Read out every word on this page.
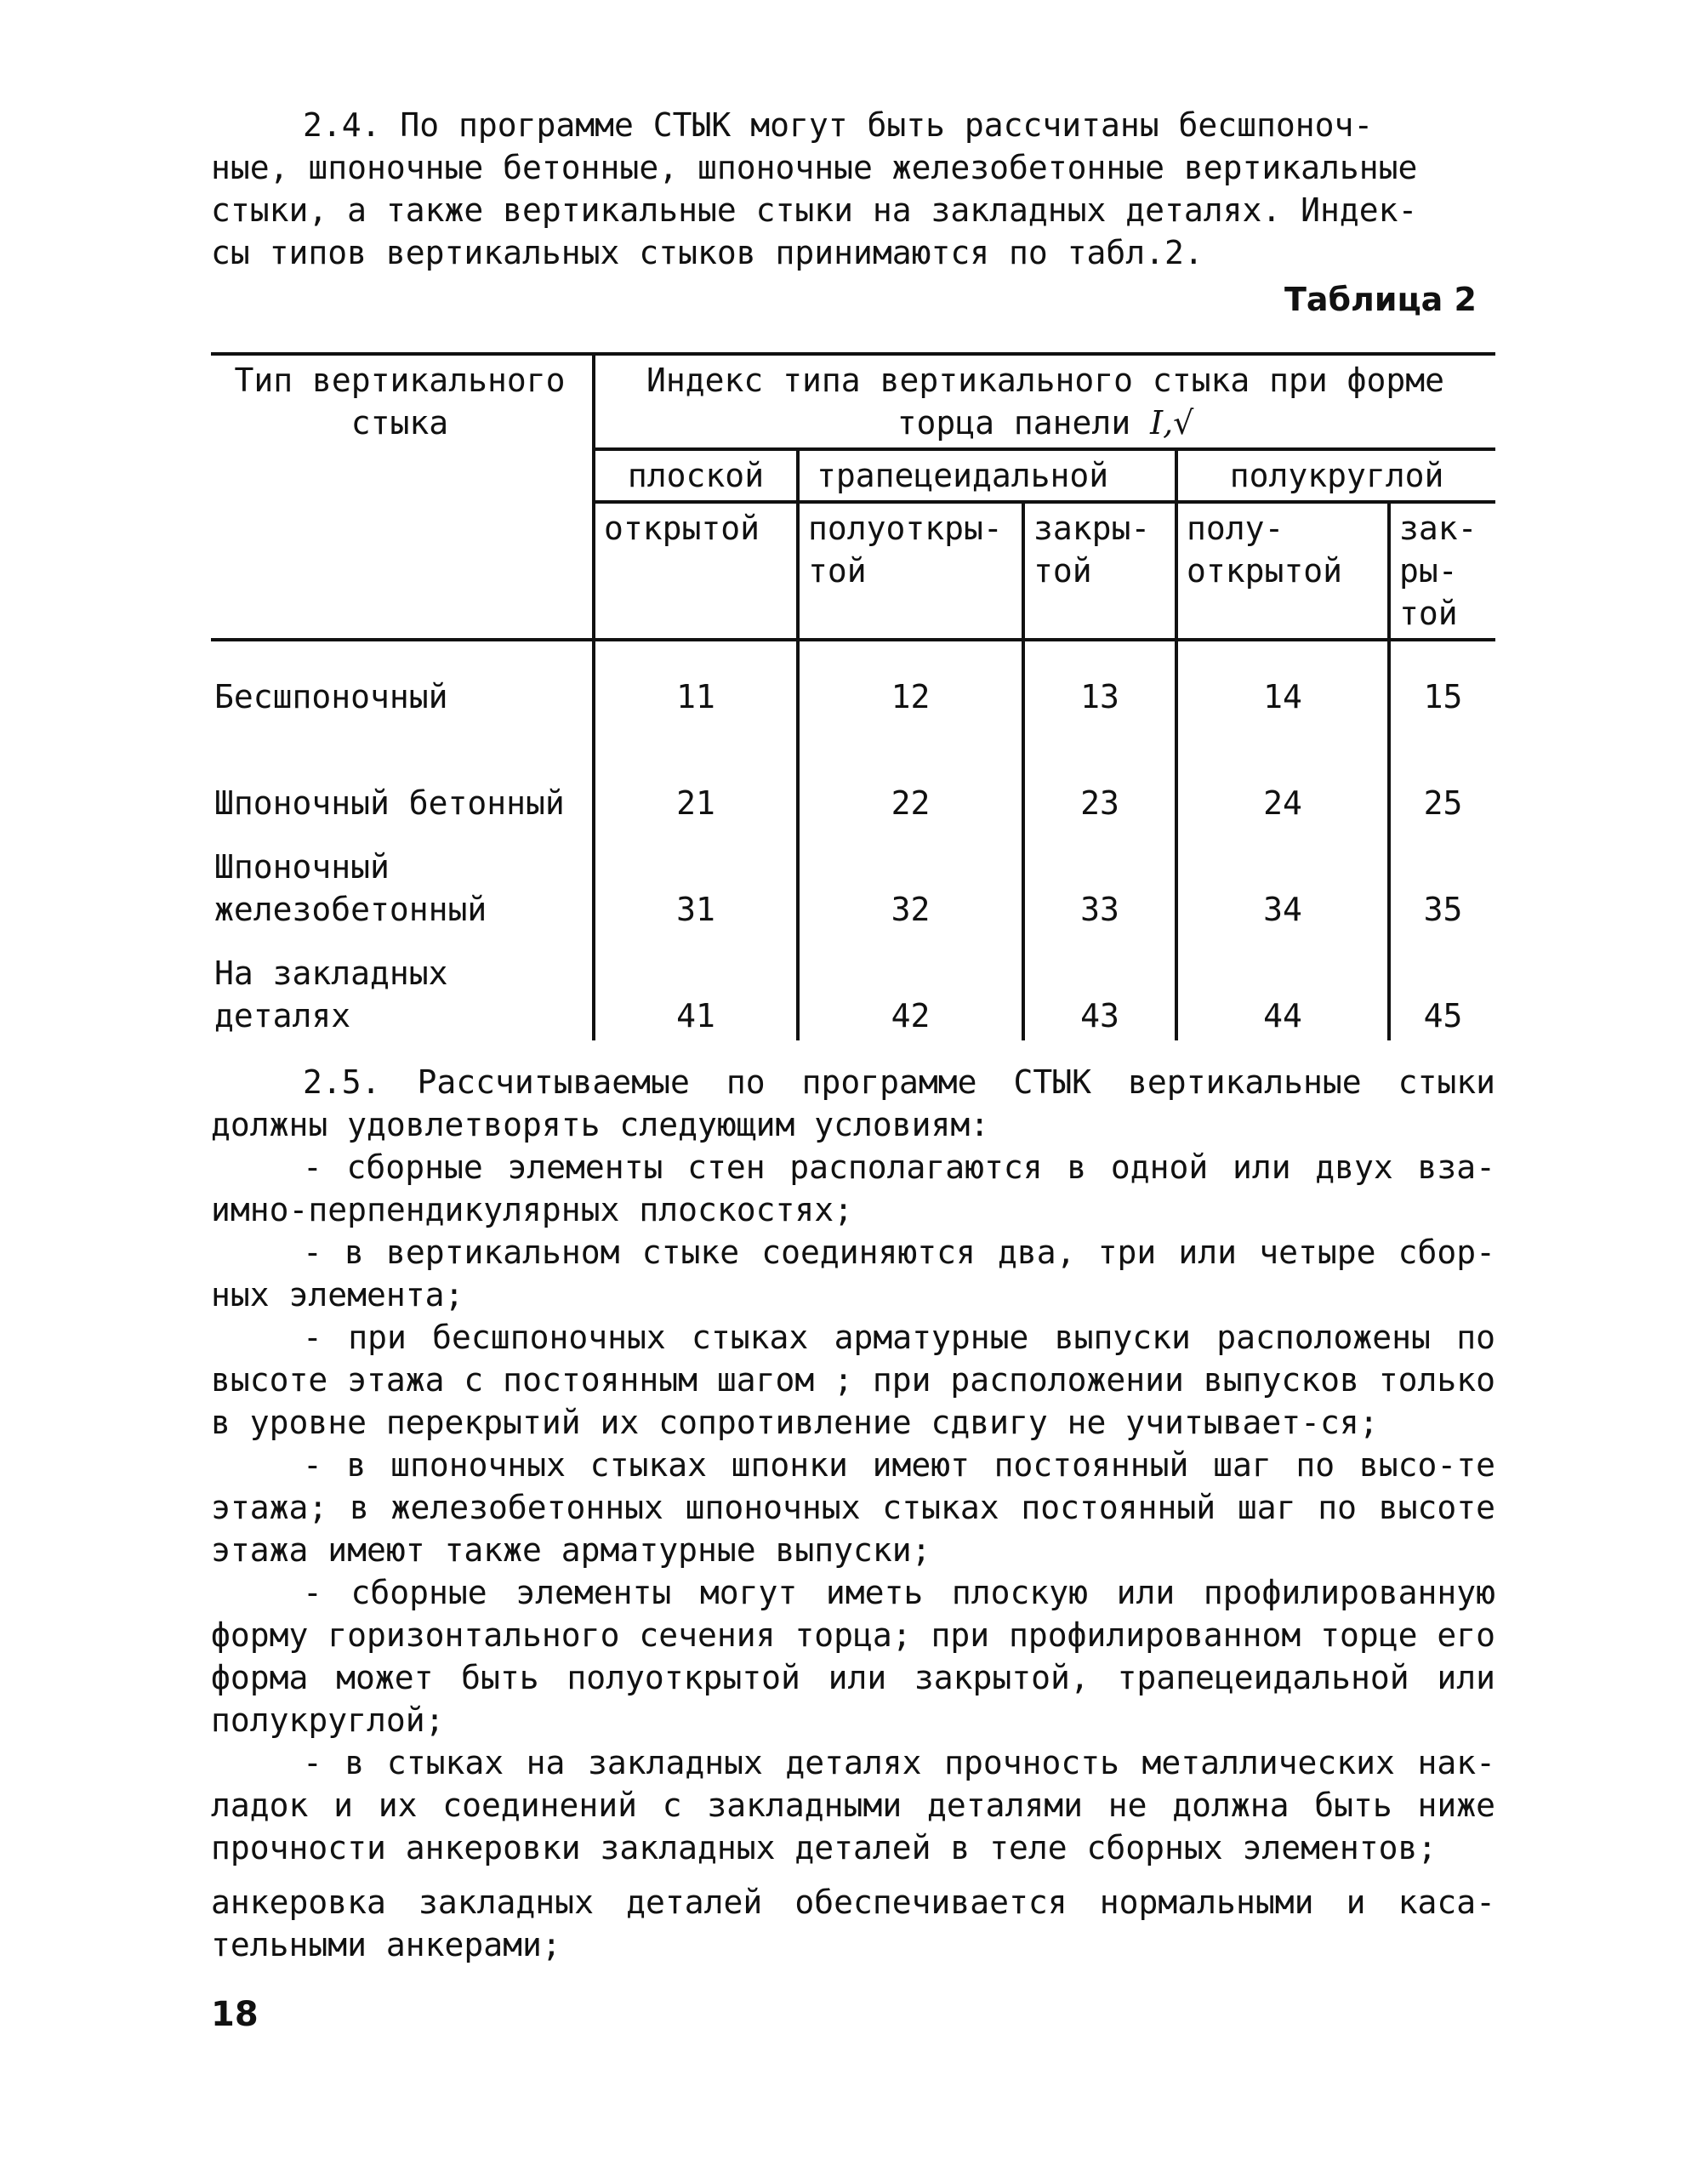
2.4. По программе СТЫК могут быть рассчитаны бесшпоноч-
ные, шпоночные бетонные, шпоночные железобетонные вертикальные
стыки, а также вертикальные стыки на закладных деталях. Индек-
сы типов вертикальных стыков принимаются по табл.2.
Таблица 2
Тип вертикального стыка	Индекс типа вертикального стыка при форме торца панели I,√				
	плоской	трапецеидальной		полукруглой	
	открытой	полуоткры- той	закры- той	полу- открытой	зак- ры- той
Бесшпоночный	11	12	13	14	15
Шпоночный бетонный	21	22	23	24	25
Шпоночный железобетонный	31	32	33	34	35
На закладных деталях	41	42	43	44	45

2.5. Рассчитываемые по программе СТЫК вертикальные стыки должны удовлетворять следующим условиям:

- сборные элементы стен располагаются в одной или двух вза-имно-перпендикулярных плоскостях;

- в вертикальном стыке соединяются два, три или четыре сбор-ных элемента;

- при бесшпоночных стыках арматурные выпуски расположены по высоте этажа с постоянным шагом ; при расположении выпусков только в уровне перекрытий их сопротивление сдвигу не учитывает-ся;

- в шпоночных стыках шпонки имеют постоянный шаг по высо-те этажа; в железобетонных шпоночных стыках постоянный шаг по высоте этажа имеют также арматурные выпуски;

- сборные элементы могут иметь плоскую или профилированную форму горизонтального сечения торца; при профилированном торце его форма может быть полуоткрытой или закрытой, трапецеидальной или полукруглой;

- в стыках на закладных деталях прочность металлических нак-ладок и их соединений с закладными деталями не должна быть ниже прочности анкеровки закладных деталей в теле сборных элементов;

анкеровка закладных деталей обеспечивается нормальными и каса-тельными анкерами;

18
